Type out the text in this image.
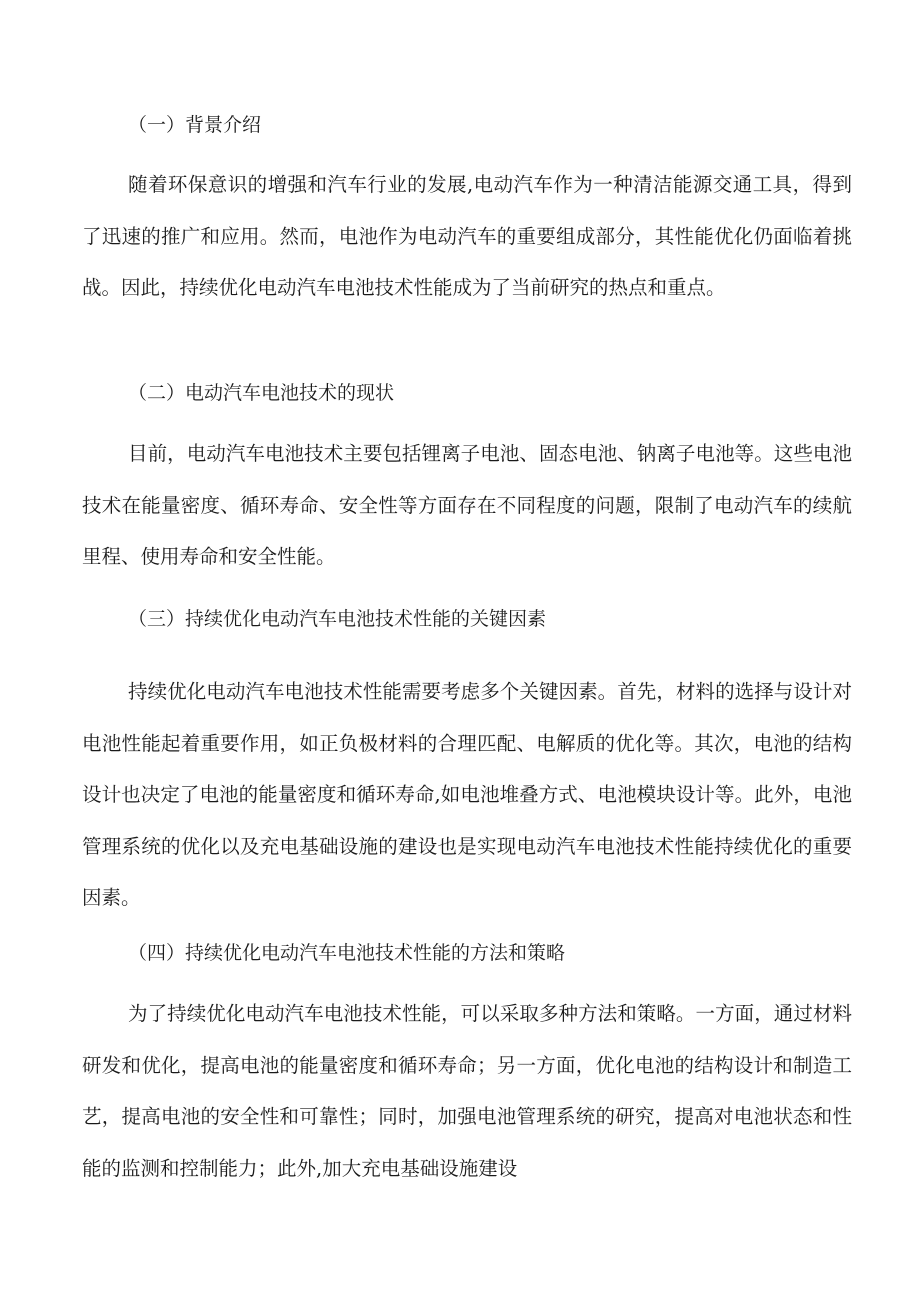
（一）背景介绍

随着环保意识的增强和汽车行业的发展,电动汽车作为一种清洁能源交通工具，得到了迅速的推广和应用。然而，电池作为电动汽车的重要组成部分，其性能优化仍面临着挑战。因此，持续优化电动汽车电池技术性能成为了当前研究的热点和重点。

（二）电动汽车电池技术的现状

目前，电动汽车电池技术主要包括锂离子电池、固态电池、钠离子电池等。这些电池技术在能量密度、循环寿命、安全性等方面存在不同程度的问题，限制了电动汽车的续航里程、使用寿命和安全性能。

（三）持续优化电动汽车电池技术性能的关键因素

持续优化电动汽车电池技术性能需要考虑多个关键因素。首先，材料的选择与设计对电池性能起着重要作用，如正负极材料的合理匹配、电解质的优化等。其次，电池的结构设计也决定了电池的能量密度和循环寿命,如电池堆叠方式、电池模块设计等。此外，电池管理系统的优化以及充电基础设施的建设也是实现电动汽车电池技术性能持续优化的重要因素。

（四）持续优化电动汽车电池技术性能的方法和策略

为了持续优化电动汽车电池技术性能，可以采取多种方法和策略。一方面，通过材料研发和优化，提高电池的能量密度和循环寿命；另一方面，优化电池的结构设计和制造工艺，提高电池的安全性和可靠性；同时，加强电池管理系统的研究，提高对电池状态和性能的监测和控制能力；此外,加大充电基础设施建设
